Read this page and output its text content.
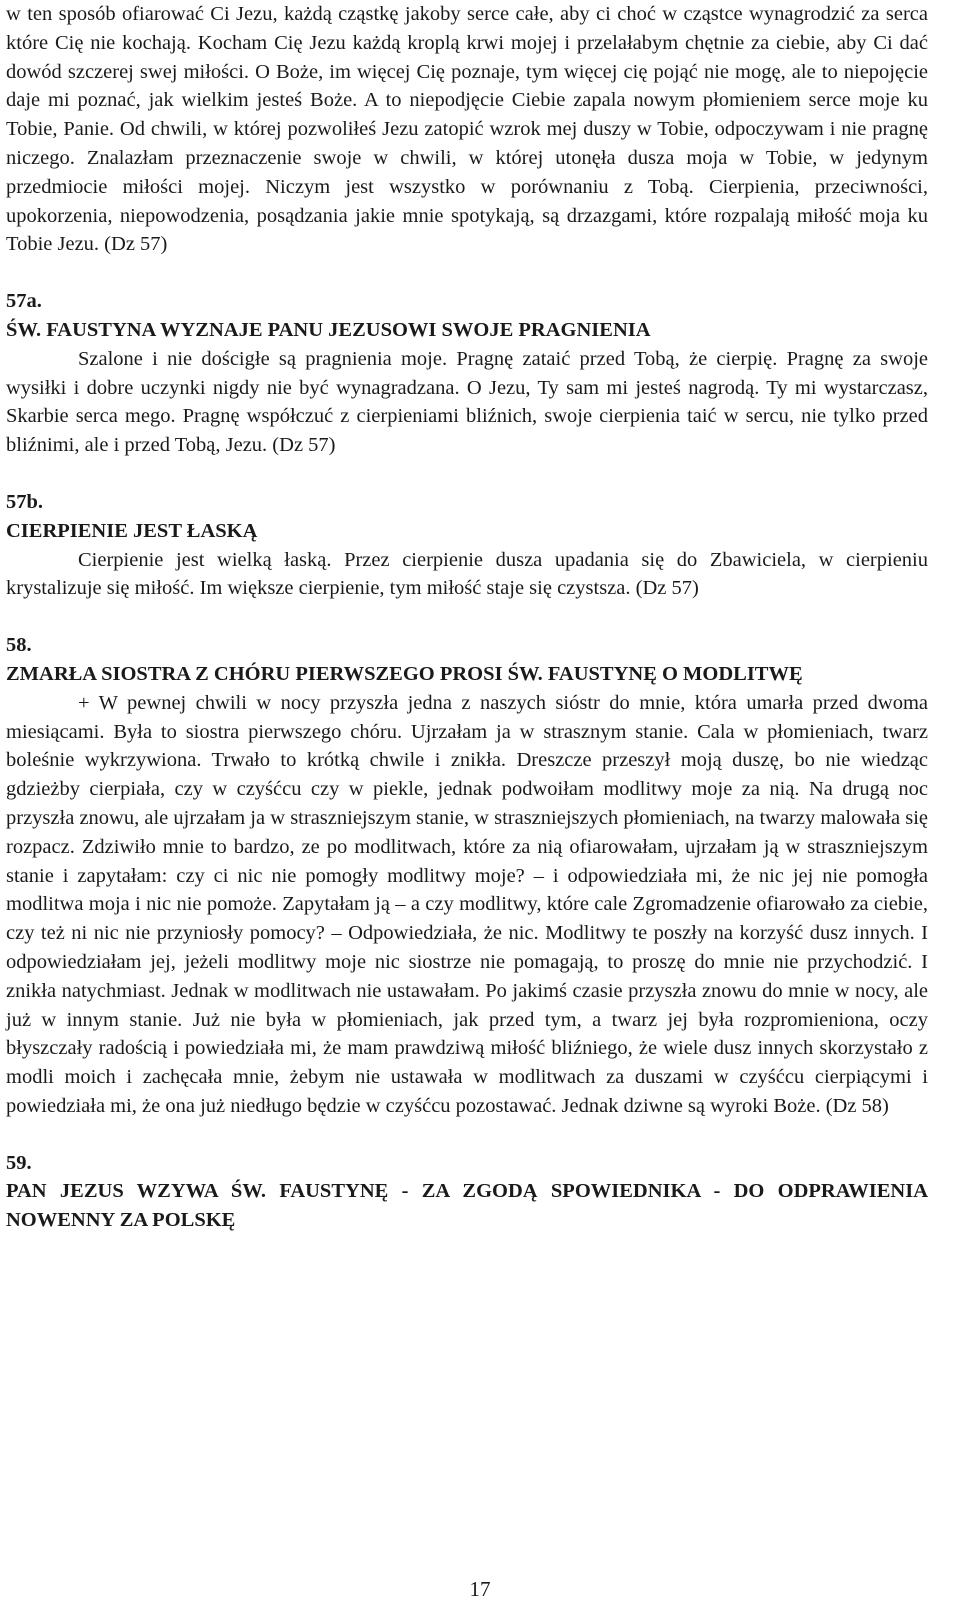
w ten sposób ofiarować Ci Jezu, każdą cząstkę jakoby serce całe, aby ci choć w cząstce wynagrodzić za serca które Cię nie kochają. Kocham Cię Jezu każdą kroplą krwi mojej i przelałabym chętnie za ciebie, aby Ci dać dowód szczerej swej miłości. O Boże, im więcej Cię poznaje, tym więcej cię pojąć nie mogę, ale to niepojęcie daje mi poznać, jak wielkim jesteś Boże. A to niepodjęcie Ciebie zapala nowym płomieniem serce moje ku Tobie, Panie. Od chwili, w której pozwoliłeś Jezu zatopić wzrok mej duszy w Tobie, odpoczywam i nie pragnę niczego. Znalazłam przeznaczenie swoje w chwili, w której utonęła dusza moja w Tobie, w jedynym przedmiocie miłości mojej. Niczym jest wszystko w porównaniu z Tobą. Cierpienia, przeciwności, upokorzenia, niepowodzenia, posądzania jakie mnie spotykają, są drzazgami, które rozpalają miłość moja ku Tobie Jezu. (Dz 57)

57a.

ŚW. FAUSTYNA WYZNAJE PANU JEZUSOWI SWOJE PRAGNIENIA

Szalone i nie dościgłe są pragnienia moje. Pragnę zataić przed Tobą, że cierpię. Pragnę za swoje wysiłki i dobre uczynki nigdy nie być wynagradzana. O Jezu, Ty sam mi jesteś nagrodą. Ty mi wystarczasz, Skarbie serca mego. Pragnę współczuć z cierpieniami bliźnich, swoje cierpienia taić w sercu, nie tylko przed bliźnimi, ale i przed Tobą, Jezu. (Dz 57)

57b.

CIERPIENIE JEST ŁASKĄ

Cierpienie jest wielką łaską. Przez cierpienie dusza upadania się do Zbawiciela, w cierpieniu krystalizuje się miłość. Im większe cierpienie, tym miłość staje się czystsza. (Dz 57)

58.

ZMARŁA SIOSTRA Z CHÓRU PIERWSZEGO PROSI ŚW. FAUSTYNĘ O MODLITWĘ

+ W pewnej chwili w nocy przyszła jedna z naszych sióstr do mnie, która umarła przed dwoma miesiącami. Była to siostra pierwszego chóru. Ujrzałam ja w strasznym stanie. Cala w płomieniach, twarz boleśnie wykrzywiona. Trwało to krótką chwile i znikła. Dreszcze przeszył moją duszę, bo nie wiedząc gdzieżby cierpiała, czy w czyśćcu czy w piekle, jednak podwoiłam modlitwy moje za nią. Na drugą noc przyszła znowu, ale ujrzałam ja w straszniejszym stanie, w straszniejszych płomieniach, na twarzy malowała się rozpacz. Zdziwiło mnie to bardzo, ze po modlitwach, które za nią ofiarowałam, ujrzałam ją w straszniejszym stanie i zapytałam: czy ci nic nie pomogły modlitwy moje? – i odpowiedziała mi, że nic jej nie pomogła modlitwa moja i nic nie pomoże. Zapytałam ją – a czy modlitwy, które cale Zgromadzenie ofiarowało za ciebie, czy też ni nic nie przyniosły pomocy? – Odpowiedziała, że nic. Modlitwy te poszły na korzyść dusz innych. I odpowiedziałam jej, jeżeli modlitwy moje nic siostrze nie pomagają, to proszę do mnie nie przychodzić. I znikła natychmiast. Jednak w modlitwach nie ustawałam. Po jakimś czasie przyszła znowu do mnie w nocy, ale już w innym stanie. Już nie była w płomieniach, jak przed tym, a twarz jej była rozpromieniona, oczy błyszczały radością i powiedziała mi, że mam prawdziwą miłość bliźniego, że wiele dusz innych skorzystało z modli moich i zachęcała mnie, żebym nie ustawała w modlitwach za duszami w czyśćcu cierpiącymi i powiedziała mi, że ona już niedługo będzie w czyśćcu pozostawać. Jednak dziwne są wyroki Boże. (Dz 58)

59.

PAN JEZUS WZYWA ŚW. FAUSTYNĘ - ZA ZGODĄ SPOWIEDNIKA - DO ODPRAWIENIA NOWENNY ZA POLSKĘ

17
